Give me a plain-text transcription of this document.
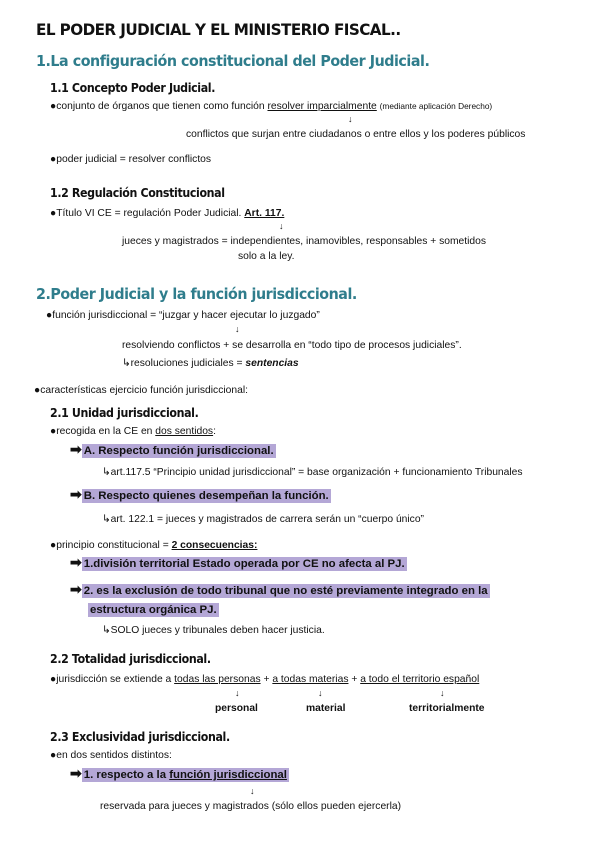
EL PODER JUDICIAL Y EL MINISTERIO FISCAL..
1.La configuración constitucional del Poder Judicial.
1.1 Concepto Poder Judicial.
●conjunto de órganos que tienen como función resolver imparcialmente (mediante aplicación Derecho)
↓
conflictos que surjan entre ciudadanos o entre ellos y los poderes públicos
●poder judicial = resolver conflictos
1.2 Regulación Constitucional
●Título VI CE = regulación Poder Judicial. Art. 117.
↓
jueces y magistrados = independientes, inamovibles, responsables + sometidos
solo a la ley.
2.Poder Judicial y la función jurisdiccional.
●función jurisdiccional = “juzgar y hacer ejecutar lo juzgado”
↓
resolviendo conflictos + se desarrolla en “todo tipo de procesos judiciales”.
↳resoluciones judiciales = sentencias
●características ejercicio función jurisdiccional:
2.1 Unidad jurisdiccional.
●recogida en la CE en dos sentidos:
➡ A. Respecto función jurisdiccional.
↳art.117.5 “Principio unidad jurisdiccional” = base organización + funcionamiento Tribunales
➡ B. Respecto quienes desempeñan la función.
↳art. 122.1 = jueces y magistrados de carrera serán un “cuerpo único”
●principio constitucional = 2 consecuencias:
➡ 1.división territorial Estado operada por CE no afecta al PJ.
➡ 2. es la exclusión de todo tribunal que no esté previamente integrado en la
estructura orgánica PJ.
↳SOLO jueces y tribunales deben hacer justicia.
2.2 Totalidad jurisdiccional.
●jurisdicción se extiende a todas las personas + a todas materias + a todo el territorio español
↓	↓	↓
personal	material	territorialmente
2.3 Exclusividad jurisdiccional.
●en dos sentidos distintos:
➡ 1. respecto a la función jurisdiccional
↓
reservada para jueces y magistrados (sólo ellos pueden ejercerla)
